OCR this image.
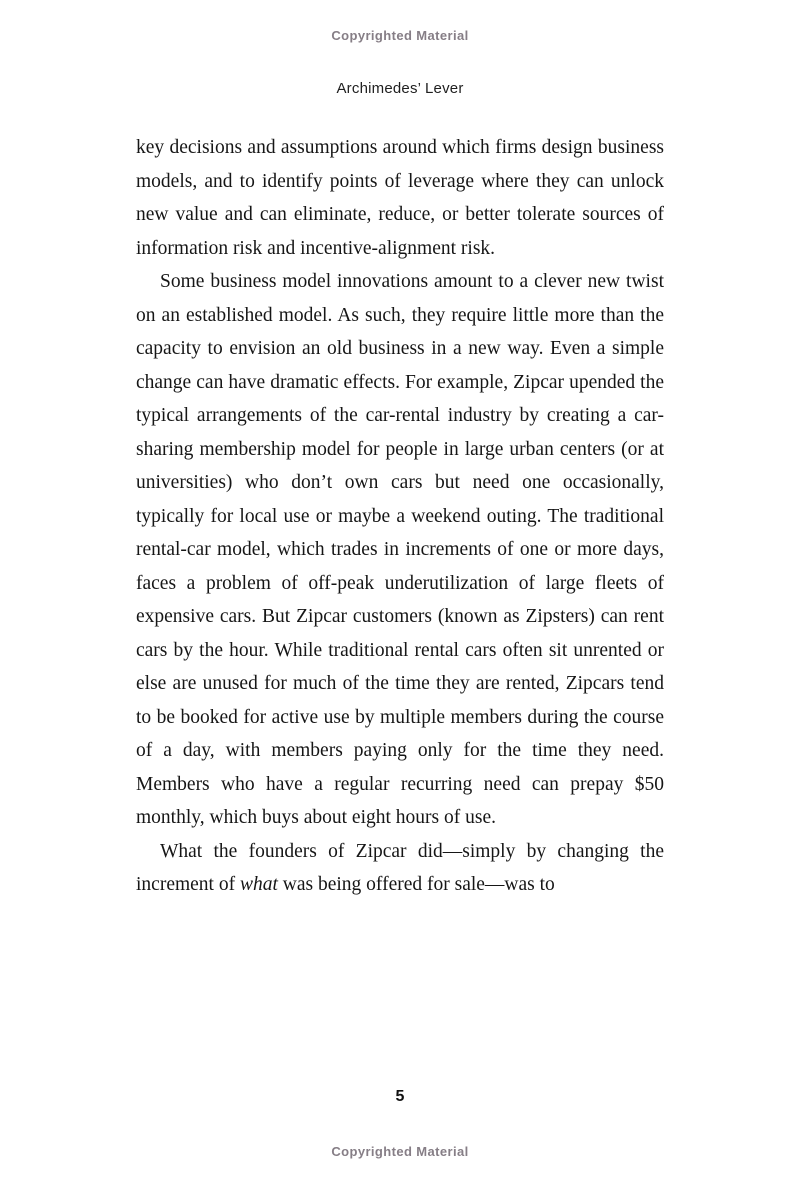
Copyrighted Material
Archimedes’ Lever

key decisions and assumptions around which firms design business models, and to identify points of leverage where they can unlock new value and can eliminate, reduce, or better tolerate sources of information risk and incentive-alignment risk.

Some business model innovations amount to a clever new twist on an established model. As such, they require little more than the capacity to envision an old business in a new way. Even a simple change can have dramatic effects. For example, Zipcar upended the typical arrangements of the car-rental industry by creating a car-sharing membership model for people in large urban centers (or at universities) who don’t own cars but need one occasionally, typically for local use or maybe a weekend outing. The traditional rental-car model, which trades in increments of one or more days, faces a problem of off-peak underutilization of large fleets of expensive cars. But Zipcar customers (known as Zipsters) can rent cars by the hour. While traditional rental cars often sit unrented or else are unused for much of the time they are rented, Zipcars tend to be booked for active use by multiple members during the course of a day, with members paying only for the time they need. Members who have a regular recurring need can prepay $50 monthly, which buys about eight hours of use.

What the founders of Zipcar did—simply by changing the increment of what was being offered for sale—was to

5
Copyrighted Material
